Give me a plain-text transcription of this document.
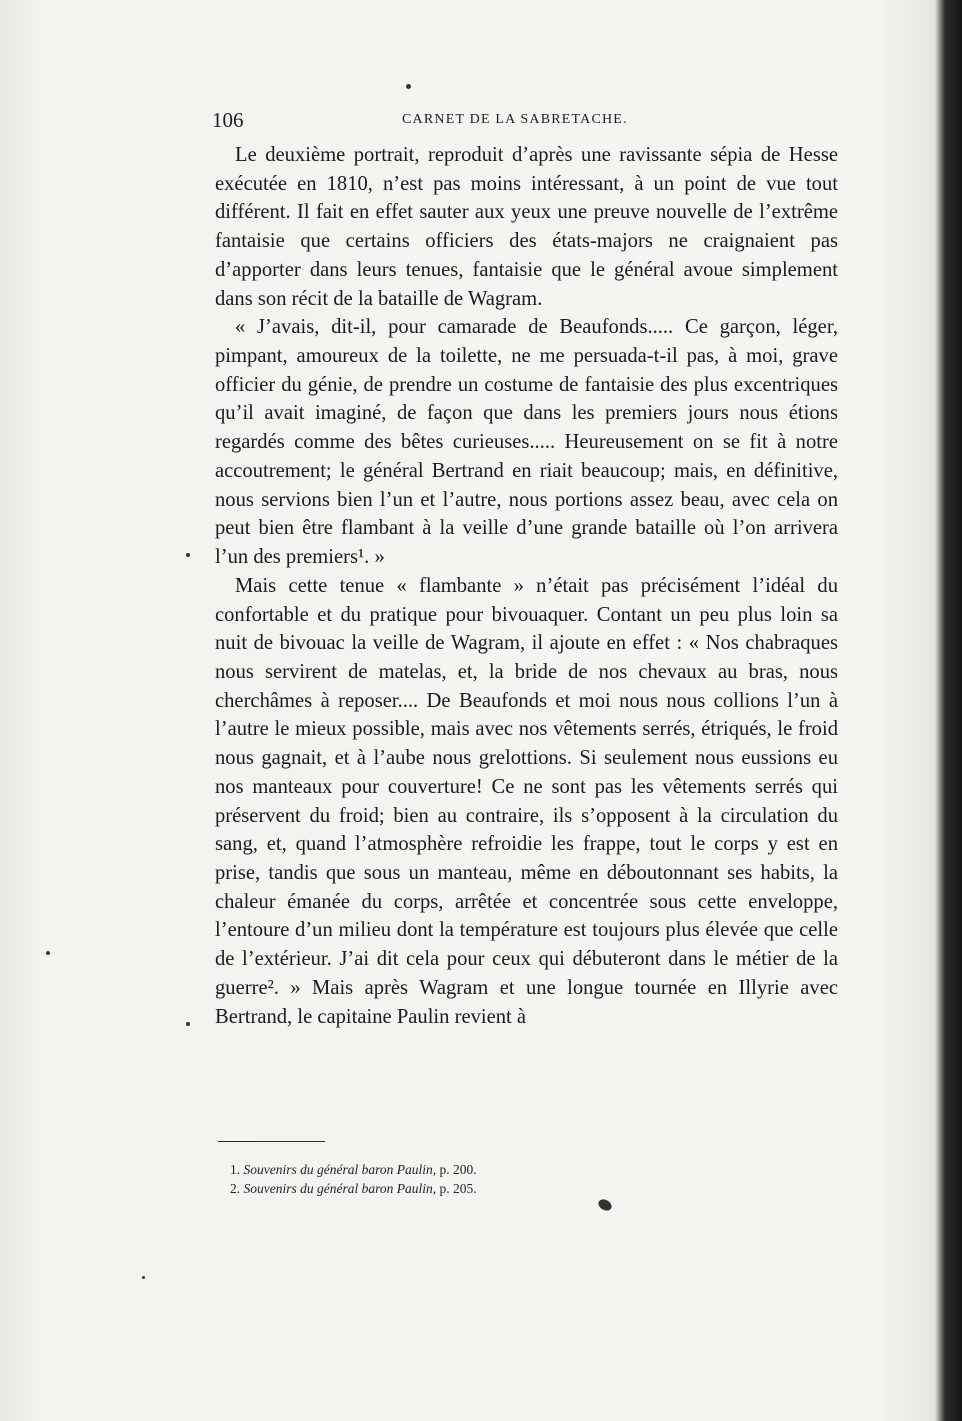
106	CARNET DE LA SABRETACHE.

Le deuxième portrait, reproduit d’après une ravissante sépia de Hesse exécutée en 1810, n’est pas moins intéressant, à un point de vue tout différent. Il fait en effet sauter aux yeux une preuve nouvelle de l’extrême fantaisie que certains officiers des états-majors ne craignaient pas d’apporter dans leurs tenues, fantaisie que le général avoue simplement dans son récit de la bataille de Wagram.

« J’avais, dit-il, pour camarade de Beaufonds..... Ce garçon, léger, pimpant, amoureux de la toilette, ne me persuada-t-il pas, à moi, grave officier du génie, de prendre un costume de fantaisie des plus excentriques qu’il avait imaginé, de façon que dans les premiers jours nous étions regardés comme des bêtes curieuses..... Heureusement on se fit à notre accoutrement; le général Bertrand en riait beaucoup; mais, en définitive, nous servions bien l’un et l’autre, nous portions assez beau, avec cela on peut bien être flambant à la veille d’une grande bataille où l’on arrivera l’un des premiers¹. »

Mais cette tenue « flambante » n’était pas précisément l’idéal du confortable et du pratique pour bivouaquer. Contant un peu plus loin sa nuit de bivouac la veille de Wagram, il ajoute en effet : « Nos chabraques nous servirent de matelas, et, la bride de nos chevaux au bras, nous cherchâmes à reposer.... De Beaufonds et moi nous nous collions l’un à l’autre le mieux possible, mais avec nos vêtements serrés, étriqués, le froid nous gagnait, et à l’aube nous grelottions. Si seulement nous eussions eu nos manteaux pour couverture! Ce ne sont pas les vêtements serrés qui préservent du froid; bien au contraire, ils s’opposent à la circulation du sang, et, quand l’atmosphère refroidie les frappe, tout le corps y est en prise, tandis que sous un manteau, même en déboutonnant ses habits, la chaleur émanée du corps, arrêtée et concentrée sous cette enveloppe, l’entoure d’un milieu dont la température est toujours plus élevée que celle de l’extérieur. J’ai dit cela pour ceux qui débuteront dans le métier de la guerre². » Mais après Wagram et une longue tournée en Illyrie avec Bertrand, le capitaine Paulin revient à

1. Souvenirs du général baron Paulin, p. 200.
2. Souvenirs du général baron Paulin, p. 205.
